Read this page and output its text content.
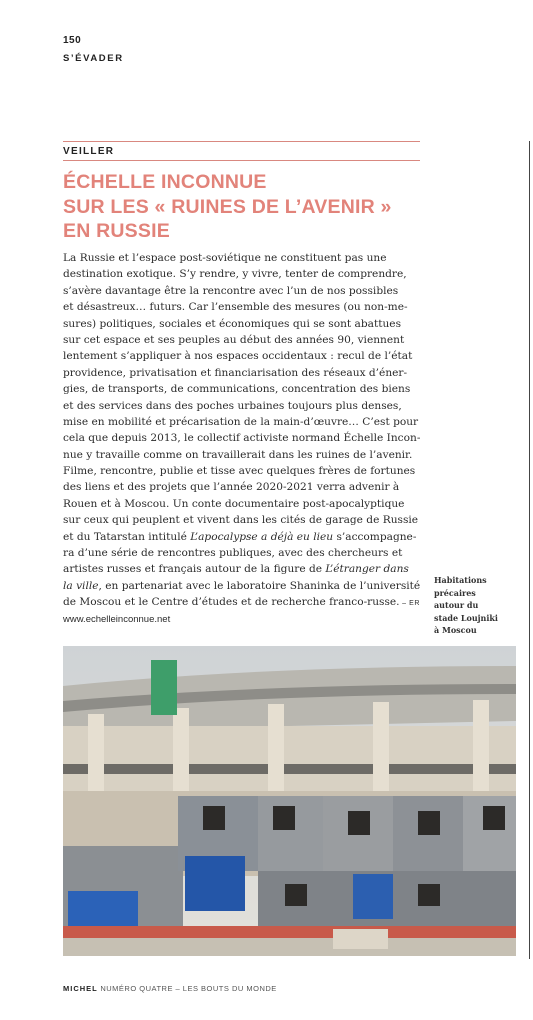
150
S’ÉVADER
VEILLER
ÉCHELLE INCONNUE
SUR LES « RUINES DE L’AVENIR »
EN RUSSIE
La Russie et l’espace post-soviétique ne constituent pas une
destination exotique. S’y rendre, y vivre, tenter de comprendre,
s’avère davantage être la rencontre avec l’un de nos possibles
et désastreux… futurs. Car l’ensemble des mesures (ou non-me-
sures) politiques, sociales et économiques qui se sont abattues
sur cet espace et ses peuples au début des années 90, viennent
lentement s’appliquer à nos espaces occidentaux : recul de l’état
providence, privatisation et financiarisation des réseaux d’éner-
gies, de transports, de communications, concentration des biens
et des services dans des poches urbaines toujours plus denses,
mise en mobilité et précarisation de la main-d’œuvre… C’est pour
cela que depuis 2013, le collectif activiste normand Échelle Incon-
nue y travaille comme on travaillerait dans les ruines de l’avenir.
Filme, rencontre, publie et tisse avec quelques frères de fortunes
des liens et des projets que l’année 2020-2021 verra advenir à
Rouen et à Moscou. Un conte documentaire post-apocalyptique
sur ceux qui peuplent et vivent dans les cités de garage de Russie
et du Tatarstan intitulé L’apocalypse a déjà eu lieu s’accompagne-
ra d’une série de rencontres publiques, avec des chercheurs et
artistes russes et français autour de la figure de L’étranger dans
la ville, en partenariat avec le laboratoire Shaninka de l’université
de Moscou et le Centre d’études et de recherche franco-russe. – ER
www.echelleinconnue.net
Habitations
précaires
autour du
stade Loujniki
à Moscou
MICHEL NUMÉRO QUATRE – LES BOUTS DU MONDE
